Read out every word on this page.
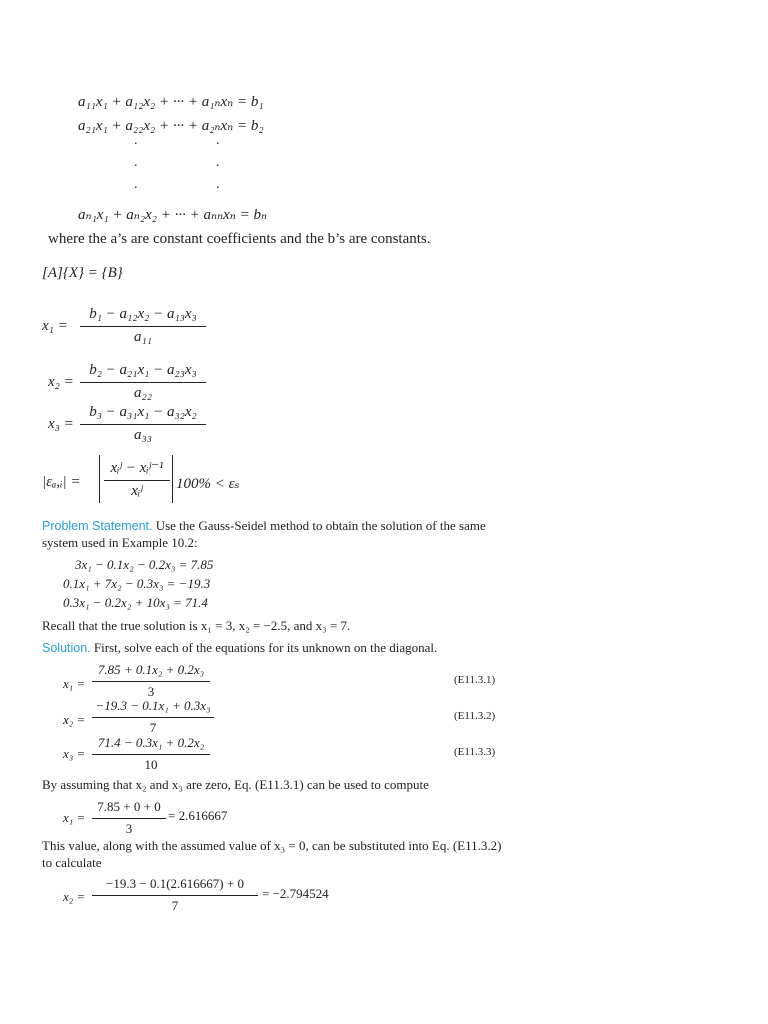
a₁₁x₁ + a₁₂x₂ + ··· + a₁ₙxₙ = b₁
a₂₁x₁ + a₂₂x₂ + ··· + a₂ₙxₙ = b₂
.	.
.	.
.	.
aₙ₁x₁ + aₙ₂x₂ + ··· + aₙₙxₙ = bₙ
where the a’s are constant coefficients and the b’s are constants.
[A]{X} = {B}
x₁ =
b₁ − a₁₂x₂ − a₁₃x₃
a₁₁
x₂ =
b₂ − a₂₁x₁ − a₂₃x₃
a₂₂
x₃ =
b₃ − a₃₁x₁ − a₃₂x₂
a₃₃
|εₐ,ᵢ| =
xᵢʲ − xᵢʲ⁻¹
xᵢʲ	100% < εₛ
Problem Statement. Use the Gauss-Seidel method to obtain the solution of the same
system used in Example 10.2:
3x₁ − 0.1x₂ − 0.2x₃ = 7.85
0.1x₁ + 7x₂ − 0.3x₃ = −19.3
0.3x₁ − 0.2x₂ + 10x₃ = 71.4
Recall that the true solution is x₁ = 3, x₂ = −2.5, and x₃ = 7.
Solution. First, solve each of the equations for its unknown on the diagonal.
x₁ =
7.85 + 0.1x₂ + 0.2x₃
3
(E11.3.1)
x₂ =
−19.3 − 0.1x₁ + 0.3x₃
7
(E11.3.2)
x₃ =
71.4 − 0.3x₁ + 0.2x₂
10
(E11.3.3)
By assuming that x₂ and x₃ are zero, Eq. (E11.3.1) can be used to compute
x₁ =
7.85 + 0 + 0
3
= 2.616667
This value, along with the assumed value of x₃ = 0, can be substituted into Eq. (E11.3.2)
to calculate
x₂ =
−19.3 − 0.1(2.616667) + 0
7
= −2.794524
